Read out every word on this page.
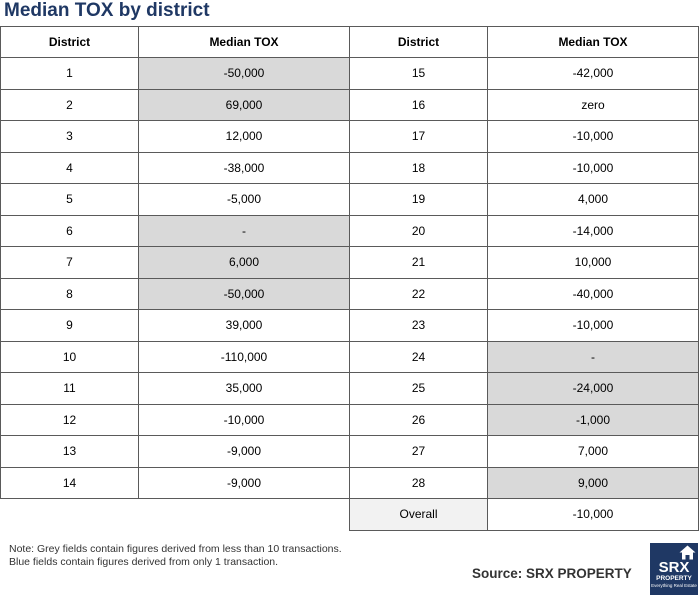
Median TOX by district
District	Median TOX	District	Median TOX
1	-50,000	15	-42,000
2	69,000	16	zero
3	12,000	17	-10,000
4	-38,000	18	-10,000
5	-5,000	19	4,000
6	-	20	-14,000
7	6,000	21	10,000
8	-50,000	22	-40,000
9	39,000	23	-10,000
10	-110,000	24	-
11	35,000	25	-24,000
12	-10,000	26	-1,000
13	-9,000	27	7,000
14	-9,000	28	9,000
		Overall	-10,000
Note: Grey fields contain figures derived from less than 10 transactions.
Blue fields contain figures derived from only 1 transaction.
Source: SRX PROPERTY	SRX
PROPERTY
Everything Real Estate
